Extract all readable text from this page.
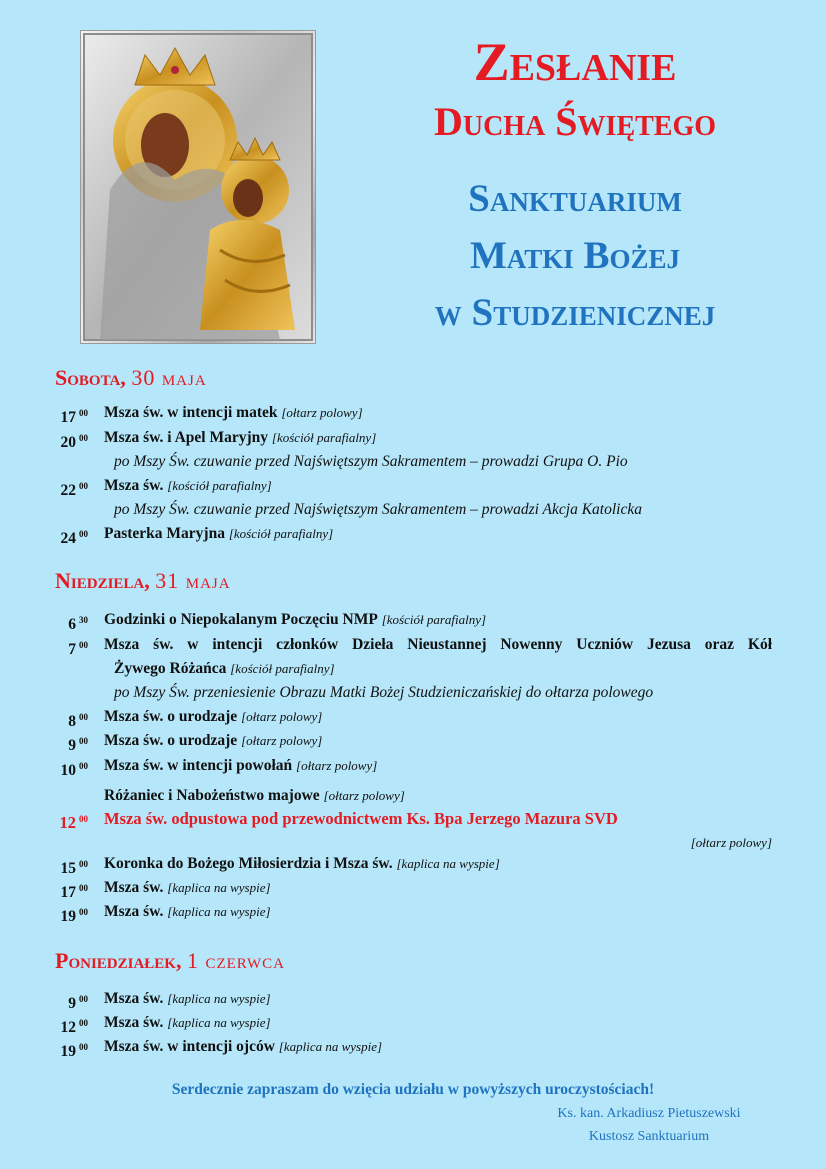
Zesłanie
Ducha Świętego
Sanktuarium
Matki Bożej
w Studzienicznej
Sobota, 30 maja
17 $^{00}$ Msza św. w intencji matek [ołtarz polowy]
20 $^{00}$ Msza św. i Apel Maryjny [kościół parafialny]
po Mszy Św. czuwanie przed Najświętszym Sakramentem – prowadzi Grupa O. Pio
22 $^{00}$ Msza św. [kościół parafialny]
po Mszy Św. czuwanie przed Najświętszym Sakramentem – prowadzi Akcja Katolicka
24 $^{00}$ Pasterka Maryjna [kościół parafialny]
Niedziela, 31 maja
6 $^{30}$ Godzinki o Niepokalanym Poczęciu NMP [kościół parafialny]
7 $^{00}$ Msza św. w intencji członków Dzieła Nieustannej Nowenny Uczniów Jezusa oraz Kół
Żywego Różańca [kościół parafialny]
po Mszy Św. przeniesienie Obrazu Matki Bożej Studzieniczańskiej do ołtarza polowego
8 $^{00}$ Msza św. o urodzaje [ołtarz polowy]
9 $^{00}$ Msza św. o urodzaje [ołtarz polowy]
10 $^{00}$ Msza św. w intencji powołań [ołtarz polowy]
Różaniec i Nabożeństwo majowe [ołtarz polowy]
12 $^{00}$ Msza św. odpustowa pod przewodnictwem Ks. Bpa Jerzego Mazura SVD
[ołtarz polowy]
15 $^{00}$ Koronka do Bożego Miłosierdzia i Msza św. [kaplica na wyspie]
17 $^{00}$ Msza św. [kaplica na wyspie]
19 $^{00}$ Msza św. [kaplica na wyspie]
Poniedziałek, 1 czerwca
9 $^{00}$ Msza św. [kaplica na wyspie]
12 $^{00}$ Msza św. [kaplica na wyspie]
19 $^{00}$ Msza św. w intencji ojców [kaplica na wyspie]
Serdecznie zapraszam do wzięcia udziału w powyższych uroczystościach!
Ks. kan. Arkadiusz Pietuszewski
Kustosz Sanktuarium
